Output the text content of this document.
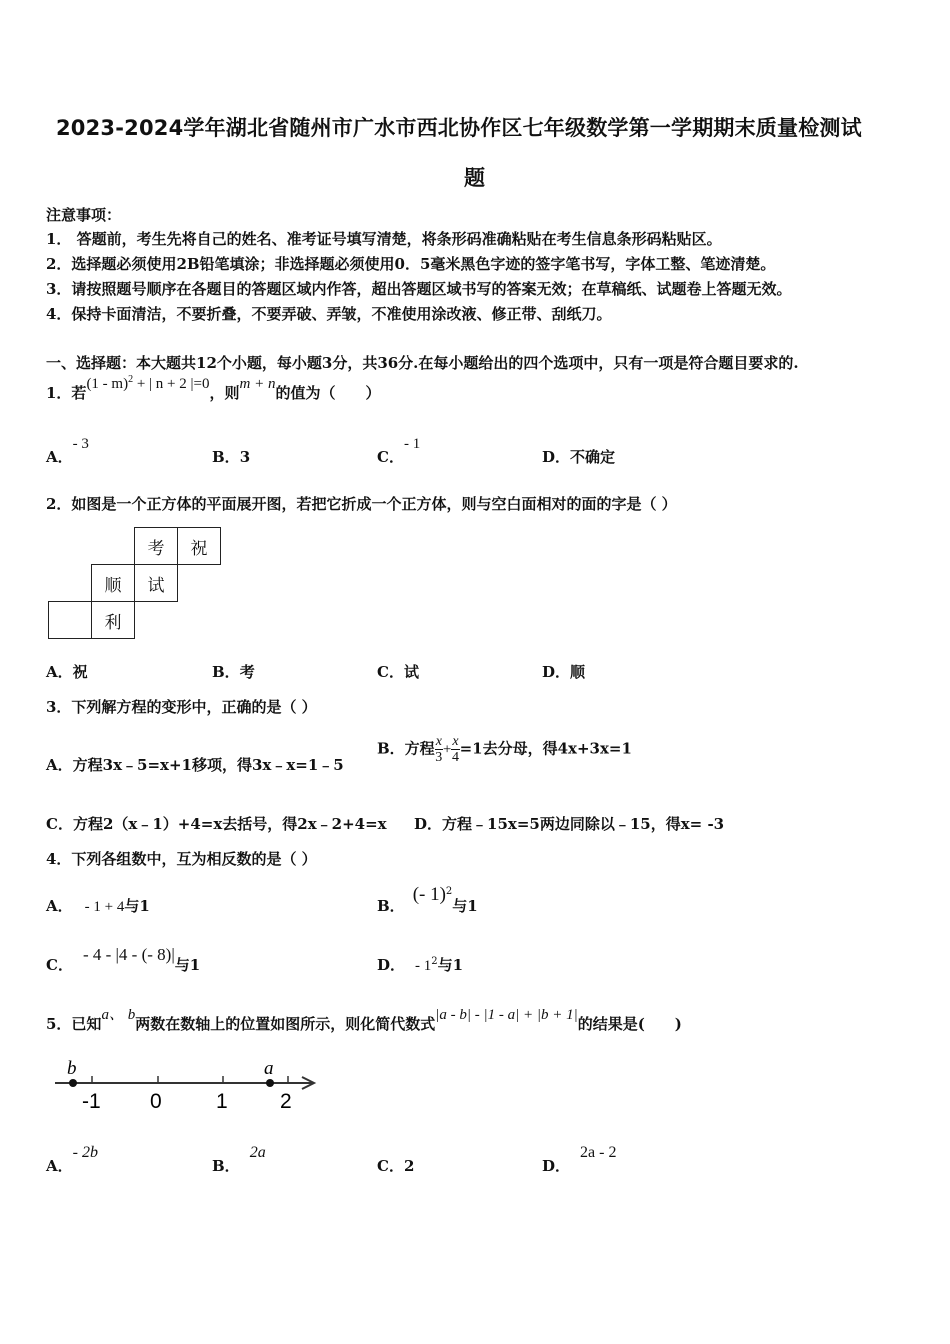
2023-2024学年湖北省随州市广水市西北协作区七年级数学第一学期期末质量检测试
题
注意事项：
1． 答题前，考生先将自己的姓名、准考证号填写清楚，将条形码准确粘贴在考生信息条形码粘贴区。
2．选择题必须使用2B铅笔填涂；非选择题必须使用0．5毫米黑色字迹的签字笔书写，字体工整、笔迹清楚。
3．请按照题号顺序在各题目的答题区域内作答，超出答题区域书写的答案无效；在草稿纸、试题卷上答题无效。
4．保持卡面清洁，不要折叠，不要弄破、弄皱，不准使用涂改液、修正带、刮纸刀。
一、选择题：本大题共12个小题，每小题3分，共36分.在每小题给出的四个选项中，只有一项是符合题目要求的.
1．若(1 - m)$^2$ + | n + 2 |=0，则m + n的值为（　　）
A．- 3
B．3	C．- 1
D．不确定
2．如图是一个正方体的平面展开图，若把它折成一个正方体，则与空白面相对的面的字是（ ）
		考	祝
	顺	试	
	利		
A．祝	B．考	C．试	D．顺
3．下列解方程的变形中，正确的是（ ）
A．方程3x﹣5=x+1移项，得3x﹣x=1﹣5
B．方程 $\frac{x}{3} + \frac{x}{4} =1$去分母，得4x+3x=1
C．方程2（x﹣1）+4=x去括号，得2x﹣2+4=x D．方程﹣15x=5两边同除以﹣15，得x= -3
4．下列各组数中，互为相反数的是（ ）
A． - 1 + 4与1	B．(- 1)$^2$与1
C．- 4 - |4 - (- 8)|与1	D． - $1^2$与1
5．已知a、 b两数在数轴上的位置如图所示，则化简代数式|a - b| - |1 - a| + |b + 1|的结果是(　　)
b	a
-1 0	1 2
A．- 2b
B．2a
C．2	D．2a - 2
